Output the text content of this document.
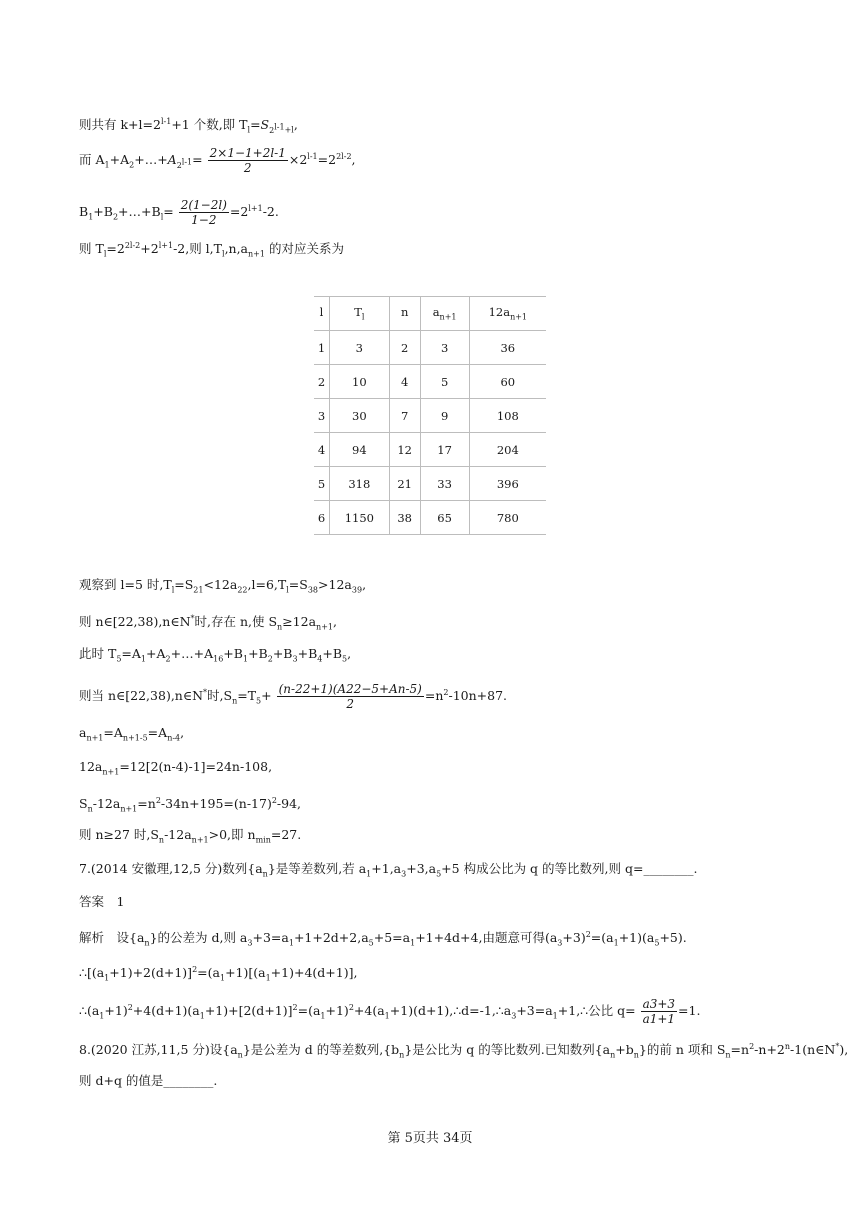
则共有 $k+l=2^{l-1}+1$ 个数,即 $T_l=S_{2^{l-1}+l}$,
而 $A_1+A_2+\dots+A_{2^{l-1}}= \frac{2\times 1-1+2l-1}{2} \times 2^{l-1}=2^{2l-2}$,
$B_1+B_2+\dots+B_l= \frac{2(1-2l)}{1-2} =2^{l+1}-2$.
则 $T_l=2^{2l-2}+2^{l+1}-2$,则 $l,T_l,n,a_{n+1}$ 的对应关系为
l	$T_l$	n	$a_{n+1}$	$12a_{n+1}$
1	3	2	3	36
2	10	4	5	60
3	30	7	9	108
4	94	12	17	204
5	318	21	33	396
6	1150	38	65	780
观察到 l=5 时$,T_l=S_{21}<12a_{22},l=6,T_l=S_{38}>12a_{39}$,
则 n∈[22,38),n∈N*时,存在 n,使 $S_n\ge 12a_{n+1}$,
此时 $T_5=A_1+A_2+\dots+A_{16}+B_1+B_2+B_3+B_4+B_5$,
则当 n∈[22,38),n∈N*时$,S_n=T_5+ \frac{(n-22+1)(A22-5+An-5)}{2} =n^2-10n+87$.
$a_{n+1}=A_{n+1-5}=A_{n-4}$,
$12a_{n+1}=12[2(n-4)-1]=24n-108$,
$S_n-12a_{n+1}=n^2-34n+195=(n-17)^2-94$,
则 n≥27 时$,S_n-12a_{n+1}>0$,即 $n_{min}=27$.
7.(2014 安徽理,12,5 分)数列$\{a_n\}$是等差数列,若 $a_1+1,a_3+3,a_5+5$ 构成公比为 q 的等比数列,则 q=________.
答案　1
解析　设$\{a_n\}$的公差为 d,则 $a_3+3=a_1+1+2d+2,a_5+5=a_1+1+4d+4$,由题意可得$(a_3+3)^2=(a_1+1)(a_5+5)$.
$\therefore[(a_1+1)+2(d+1)]^2=(a_1+1)[(a_1+1)+4(d+1)]$,
$\therefore(a_1+1)^2+4(d+1)(a_1+1)+[2(d+1)]^2=(a_1+1)^2+4(a_1+1)(d+1),\therefore d=-1,\therefore a_3+3=a_1+1,\therefore$公比 $q= \frac{a3+3}{a1+1} =1$.
8.(2020 江苏,11,5 分)设$\{a_n\}$是公差为 d 的等差数列$,\{b_n\}$是公比为 q 的等比数列.已知数列$\{a_n+b_n\}$的前 n 项和 $S_n=n^2-n+2^n-1(n\in N^*)$,
则 d+q 的值是________.
第 5页共 34页
